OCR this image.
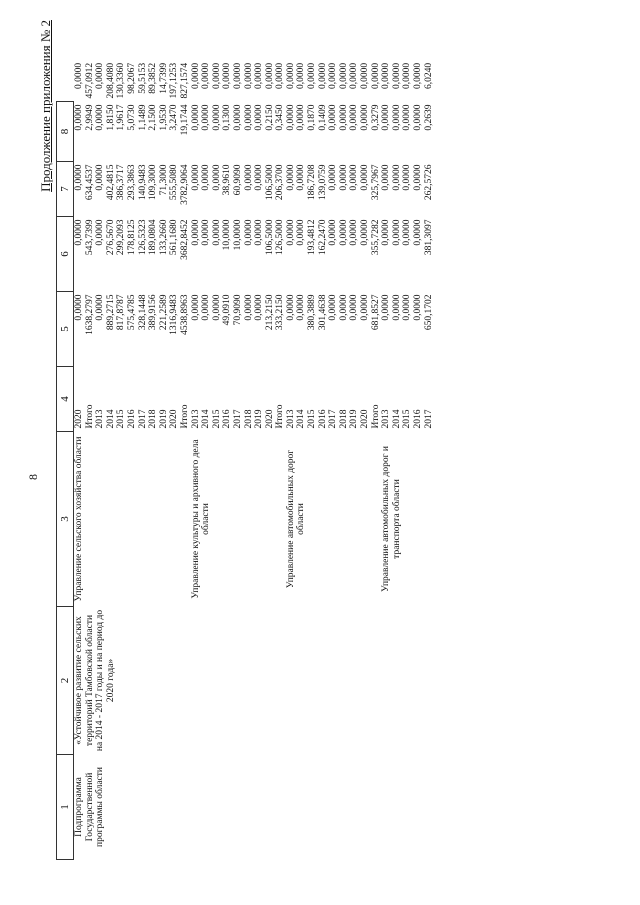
8
Продолжение приложения № 2
1	2	3	4	5	6	7	8	
Подпрограмма Государственной программы области	«Устойчивое развитие сельских территорий Тамбовской области на 2014 - 2017 годы и на период до 2020 года»	Управление сельского хозяйства области	2020	0,0000	0,0000	0,0000	0,0000	0,0000
			Итого	1638,2797	543,7399	634,4537	2,9949	457,0912
			2013	0,0000	0,0000	0,0000	0,0000	0,0000
			2014	889,2715	276,5670	402,4815	1,8150	208,4080
			2015	817,8787	299,2093	386,3717	1,9617	130,3360
			2016	575,4785	178,8125	293,3863	5,0730	98,2067
			2017	328,1448	126,5323	140,9483	1,1489	59,5153
			2018	389,9156	189,0804	109,3000	2,1500	89,3852
			2019	221,2589	133,2660	71,3000	1,9530	14,7399
			2020	1316,9483	561,1680	555,5080	3,2470	197,1253
			Итого	4538,8963	3682,8452	3782,9064	19,1744	827,1574
		Управление культуры и архивного дела области	2013	0,0000	0,0000	0,0000	0,0000	0,0000
			2014	0,0000	0,0000	0,0000	0,0000	0,0000
			2015	0,0000	0,0000	0,0000	0,0000	0,0000
			2016	49,0910	10,0000	38,9610	0,1300	0,0000
			2017	70,9090	10,0000	60,9090	0,0000	0,0000
			2018	0,0000	0,0000	0,0000	0,0000	0,0000
			2019	0,0000	0,0000	0,0000	0,0000	0,0000
			2020	213,2150	106,5000	106,5000	0,2150	0,0000
			Итого	333,2150	126,5000	206,3700	0,3450	0,0000
		Управление автомобильных дорог области	2013	0,0000	0,0000	0,0000	0,0000	0,0000
			2014	0,0000	0,0000	0,0000	0,0000	0,0000
			2015	380,3889	193,4812	186,7208	0,1870	0,0000
			2016	301,4638	162,2470	139,0759	0,1409	0,0000
			2017	0,0000	0,0000	0,0000	0,0000	0,0000
			2018	0,0000	0,0000	0,0000	0,0000	0,0000
			2019	0,0000	0,0000	0,0000	0,0000	0,0000
			2020	0,0000	0,0000	0,0000	0,0000	0,0000
			Итого	681,8527	355,7282	325,7967	0,3279	0,0000
		Управление автомобильных дорог и транспорта области	2013	0,0000	0,0000	0,0000	0,0000	0,0000
			2014	0,0000	0,0000	0,0000	0,0000	0,0000
			2015	0,0000	0,0000	0,0000	0,0000	0,0000
			2016	0,0000	0,0000	0,0000	0,0000	0,0000
			2017	650,1702	381,3097	262,5726	0,2639	6,0240
